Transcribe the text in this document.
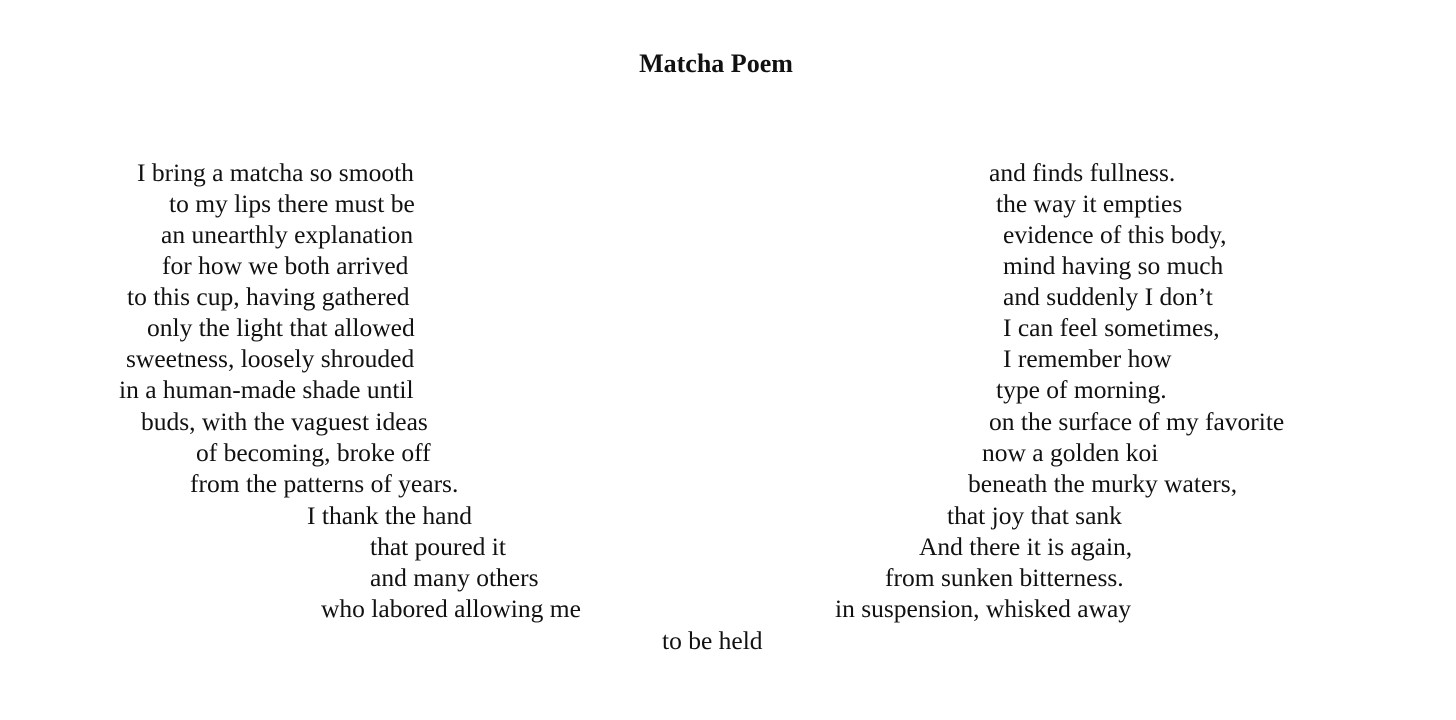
Matcha Poem
I bring a matcha so smooth
to my lips there must be
an unearthly explanation
for how we both arrived
to this cup, having gathered
only the light that allowed
sweetness, loosely shrouded
in a human-made shade until
buds, with the vaguest ideas
of becoming, broke off
from the patterns of years.
I thank the hand
that poured it
and many others
who labored allowing me
to be held
and finds fullness.
the way it empties
evidence of this body,
mind having so much
and suddenly I don’t
I can feel sometimes,
I remember how
type of morning.
on the surface of my favorite
now a golden koi
beneath the murky waters,
that joy that sank
And there it is again,
from sunken bitterness.
in suspension, whisked away
